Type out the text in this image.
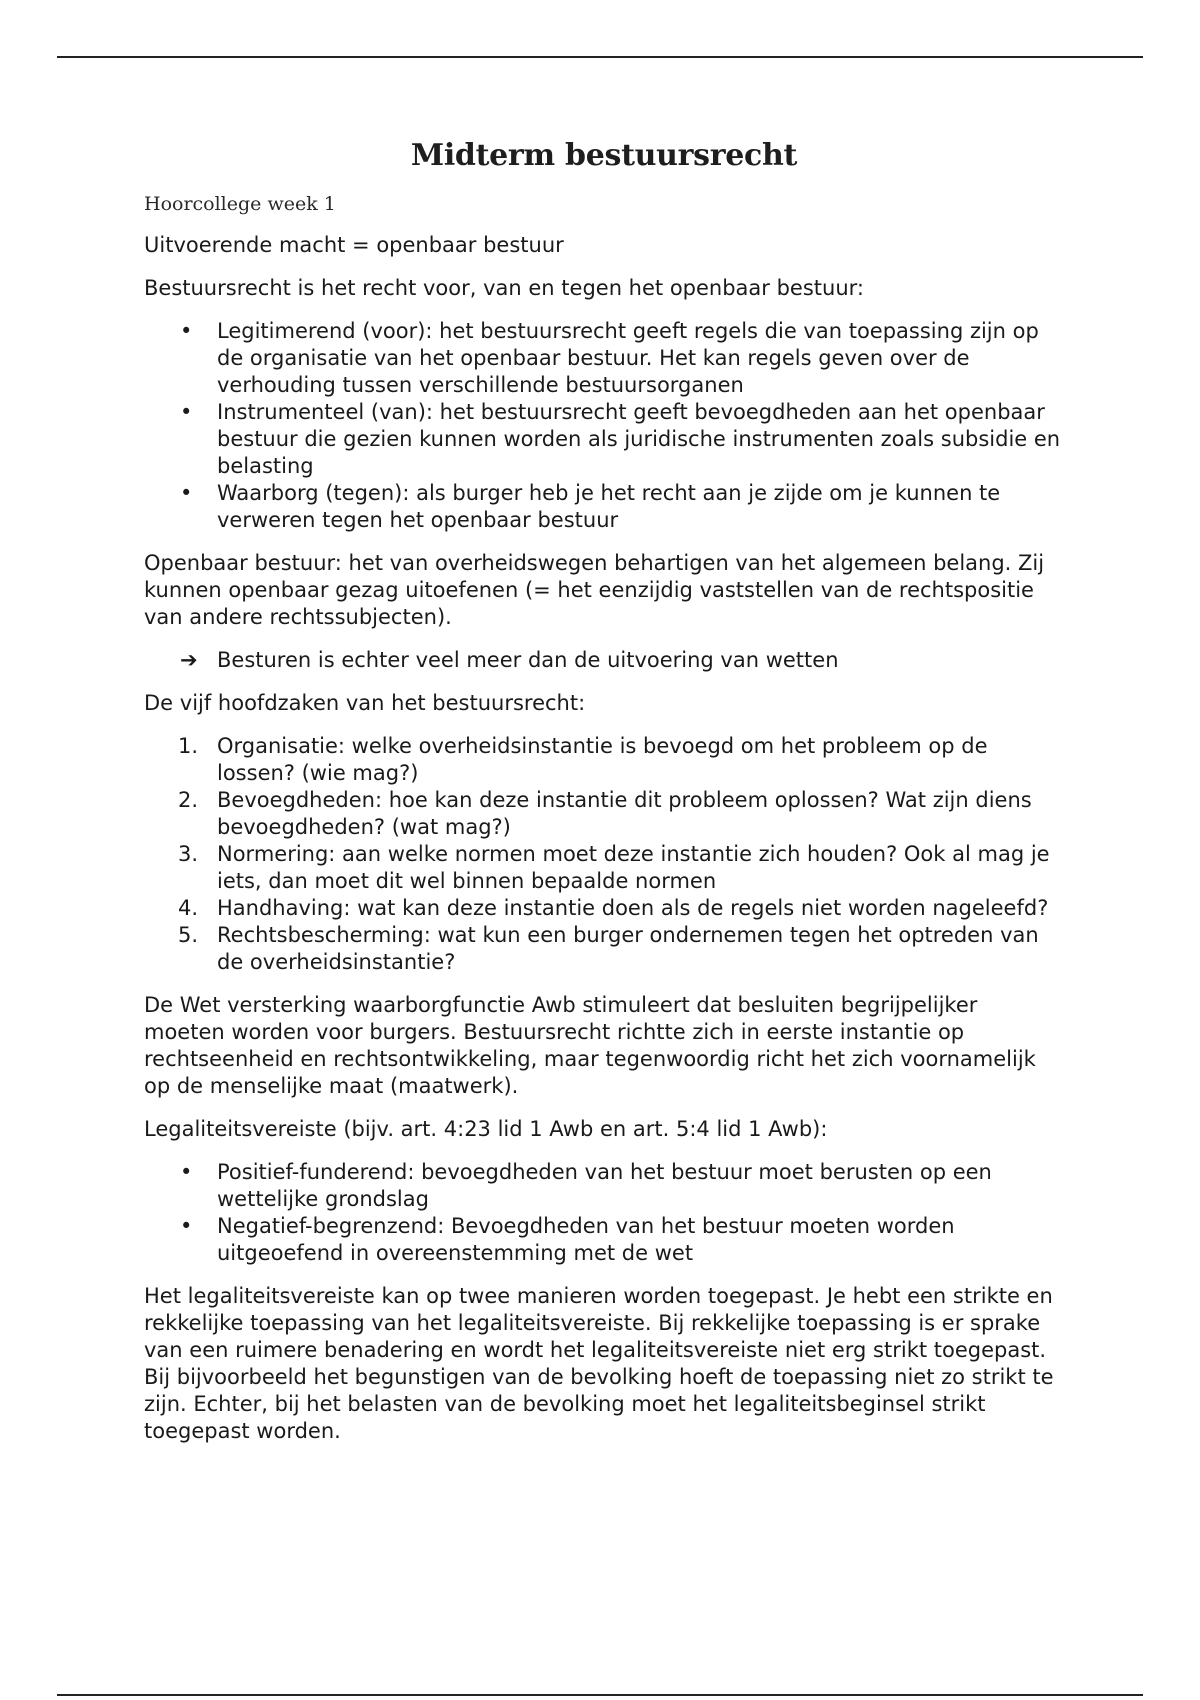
Midterm bestuursrecht
Hoorcollege week 1

Uitvoerende macht = openbaar bestuur

Bestuursrecht is het recht voor, van en tegen het openbaar bestuur:

•	Legitimerend (voor): het bestuursrecht geeft regels die van toepassing zijn op de organisatie van het openbaar bestuur. Het kan regels geven over de verhouding tussen verschillende bestuursorganen
•	Instrumenteel (van): het bestuursrecht geeft bevoegdheden aan het openbaar bestuur die gezien kunnen worden als juridische instrumenten zoals subsidie en belasting
•	Waarborg (tegen): als burger heb je het recht aan je zijde om je kunnen te verweren tegen het openbaar bestuur

Openbaar bestuur: het van overheidswegen behartigen van het algemeen belang. Zij kunnen openbaar gezag uitoefenen (= het eenzijdig vaststellen van de rechtspositie van andere rechtssubjecten).

➔ Besturen is echter veel meer dan de uitvoering van wetten

De vijf hoofdzaken van het bestuursrecht:

1. Organisatie: welke overheidsinstantie is bevoegd om het probleem op de lossen? (wie mag?)
2. Bevoegdheden: hoe kan deze instantie dit probleem oplossen? Wat zijn diens bevoegdheden? (wat mag?)
3. Normering: aan welke normen moet deze instantie zich houden? Ook al mag je iets, dan moet dit wel binnen bepaalde normen
4. Handhaving: wat kan deze instantie doen als de regels niet worden nageleefd?
5. Rechtsbescherming: wat kun een burger ondernemen tegen het optreden van de overheidsinstantie?

De Wet versterking waarborgfunctie Awb stimuleert dat besluiten begrijpelijker moeten worden voor burgers. Bestuursrecht richtte zich in eerste instantie op rechtseenheid en rechtsontwikkeling, maar tegenwoordig richt het zich voornamelijk op de menselijke maat (maatwerk).

Legaliteitsvereiste (bijv. art. 4:23 lid 1 Awb en art. 5:4 lid 1 Awb):

•	Positief-funderend: bevoegdheden van het bestuur moet berusten op een wettelijke grondslag
•	Negatief-begrenzend: Bevoegdheden van het bestuur moeten worden uitgeoefend in overeenstemming met de wet

Het legaliteitsvereiste kan op twee manieren worden toegepast. Je hebt een strikte en rekkelijke toepassing van het legaliteitsvereiste. Bij rekkelijke toepassing is er sprake van een ruimere benadering en wordt het legaliteitsvereiste niet erg strikt toegepast. Bij bijvoorbeeld het begunstigen van de bevolking hoeft de toepassing niet zo strikt te zijn. Echter, bij het belasten van de bevolking moet het legaliteitsbeginsel strikt toegepast worden.
